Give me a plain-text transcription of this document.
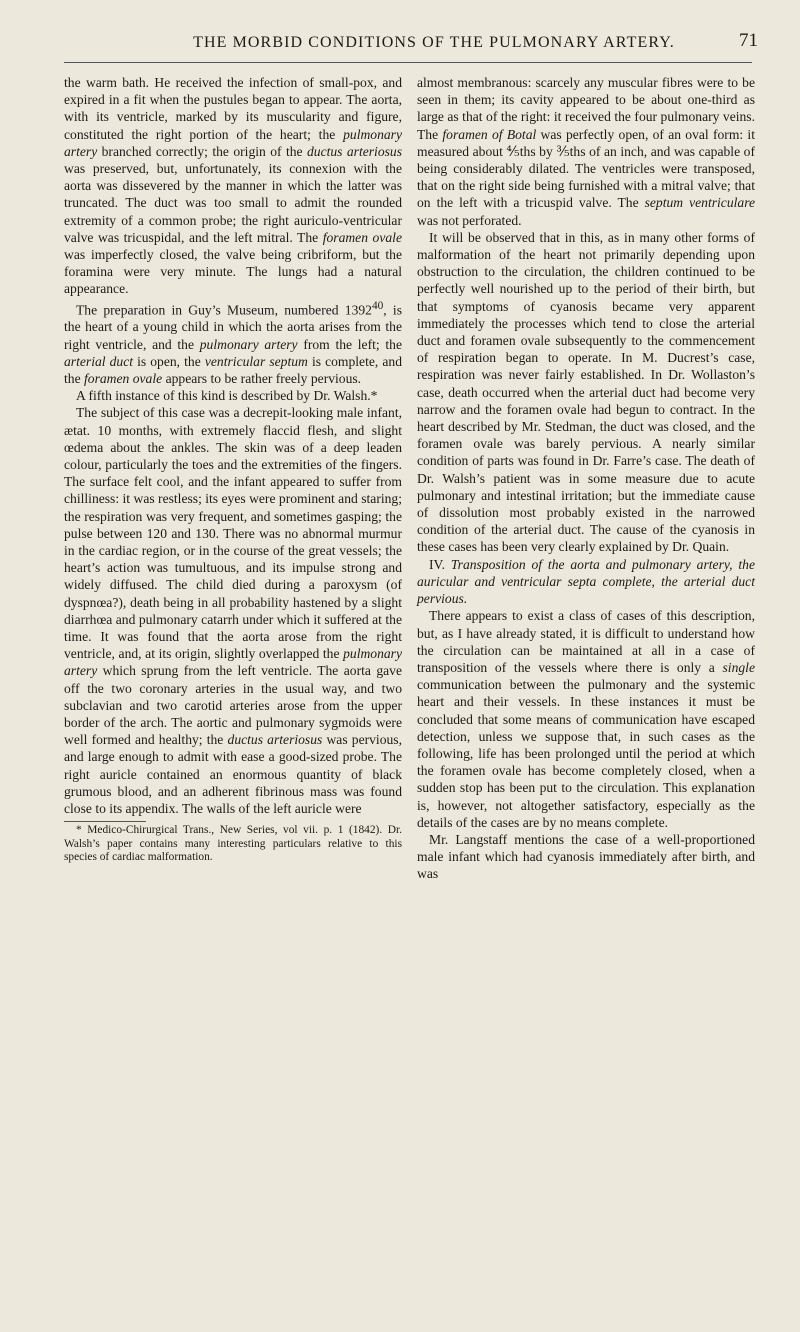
THE MORBID CONDITIONS OF THE PULMONARY ARTERY.	71

the warm bath. He received the infection of small-pox, and expired in a fit when the pustules began to appear. The aorta, with its ventricle, marked by its muscularity and figure, constituted the right portion of the heart; the pulmonary artery branched correctly; the origin of the ductus arteriosus was preserved, but, unfortunately, its connexion with the aorta was dissevered by the manner in which the latter was truncated. The duct was too small to admit the rounded extremity of a common probe; the right auriculo-ventricular valve was tricuspidal, and the left mitral. The foramen ovale was imperfectly closed, the valve being cribriform, but the foramina were very minute. The lungs had a natural appearance.

The preparation in Guy’s Museum, numbered 1392$^{40}$, is the heart of a young child in which the aorta arises from the right ventricle, and the pulmonary artery from the left; the arterial duct is open, the ventricular septum is complete, and the foramen ovale appears to be rather freely pervious.

A fifth instance of this kind is described by Dr. Walsh.*

The subject of this case was a decrepit-looking male infant, ætat. 10 months, with extremely flaccid flesh, and slight œdema about the ankles. The skin was of a deep leaden colour, particularly the toes and the extremities of the fingers. The surface felt cool, and the infant appeared to suffer from chilliness: it was restless; its eyes were prominent and staring; the respiration was very frequent, and sometimes gasping; the pulse between 120 and 130. There was no abnormal murmur in the cardiac region, or in the course of the great vessels; the heart’s action was tumultuous, and its impulse strong and widely diffused. The child died during a paroxysm (of dyspnœa?), death being in all probability hastened by a slight diarrhœa and pulmonary catarrh under which it suffered at the time. It was found that the aorta arose from the right ventricle, and, at its origin, slightly overlapped the pulmonary artery which sprung from the left ventricle. The aorta gave off the two coronary arteries in the usual way, and two subclavian and two carotid arteries arose from the upper border of the arch. The aortic and pulmonary sygmoids were well formed and healthy; the ductus arteriosus was pervious, and large enough to admit with ease a good-sized probe. The right auricle contained an enormous quantity of black grumous blood, and an adherent fibrinous mass was found close to its appendix. The walls of the left auricle were

* Medico-Chirurgical Trans., New Series, vol vii. p. 1 (1842). Dr. Walsh’s paper contains many interesting particulars relative to this species of cardiac malformation.

almost membranous: scarcely any muscular fibres were to be seen in them; its cavity appeared to be about one-third as large as that of the right: it received the four pulmonary veins. The foramen of Botal was perfectly open, of an oval form: it measured about ⅘ths by ⅗ths of an inch, and was capable of being considerably dilated. The ventricles were transposed, that on the right side being furnished with a mitral valve; that on the left with a tricuspid valve. The septum ventriculare was not perforated.

It will be observed that in this, as in many other forms of malformation of the heart not primarily depending upon obstruction to the circulation, the children continued to be perfectly well nourished up to the period of their birth, but that symptoms of cyanosis became very apparent immediately the processes which tend to close the arterial duct and foramen ovale subsequently to the commencement of respiration began to operate. In M. Ducrest’s case, respiration was never fairly established. In Dr. Wollaston’s case, death occurred when the arterial duct had become very narrow and the foramen ovale had begun to contract. In the heart described by Mr. Stedman, the duct was closed, and the foramen ovale was barely pervious. A nearly similar condition of parts was found in Dr. Farre’s case. The death of Dr. Walsh’s patient was in some measure due to acute pulmonary and intestinal irritation; but the immediate cause of dissolution most probably existed in the narrowed condition of the arterial duct. The cause of the cyanosis in these cases has been very clearly explained by Dr. Quain.

IV. Transposition of the aorta and pulmonary artery, the auricular and ventricular septa complete, the arterial duct pervious.

There appears to exist a class of cases of this description, but, as I have already stated, it is difficult to understand how the circulation can be maintained at all in a case of transposition of the vessels where there is only a single communication between the pulmonary and the systemic heart and their vessels. In these instances it must be concluded that some means of communication have escaped detection, unless we suppose that, in such cases as the following, life has been prolonged until the period at which the foramen ovale has become completely closed, when a sudden stop has been put to the circulation. This explanation is, however, not altogether satisfactory, especially as the details of the cases are by no means complete.

Mr. Langstaff mentions the case of a well-proportioned male infant which had cyanosis immediately after birth, and was
